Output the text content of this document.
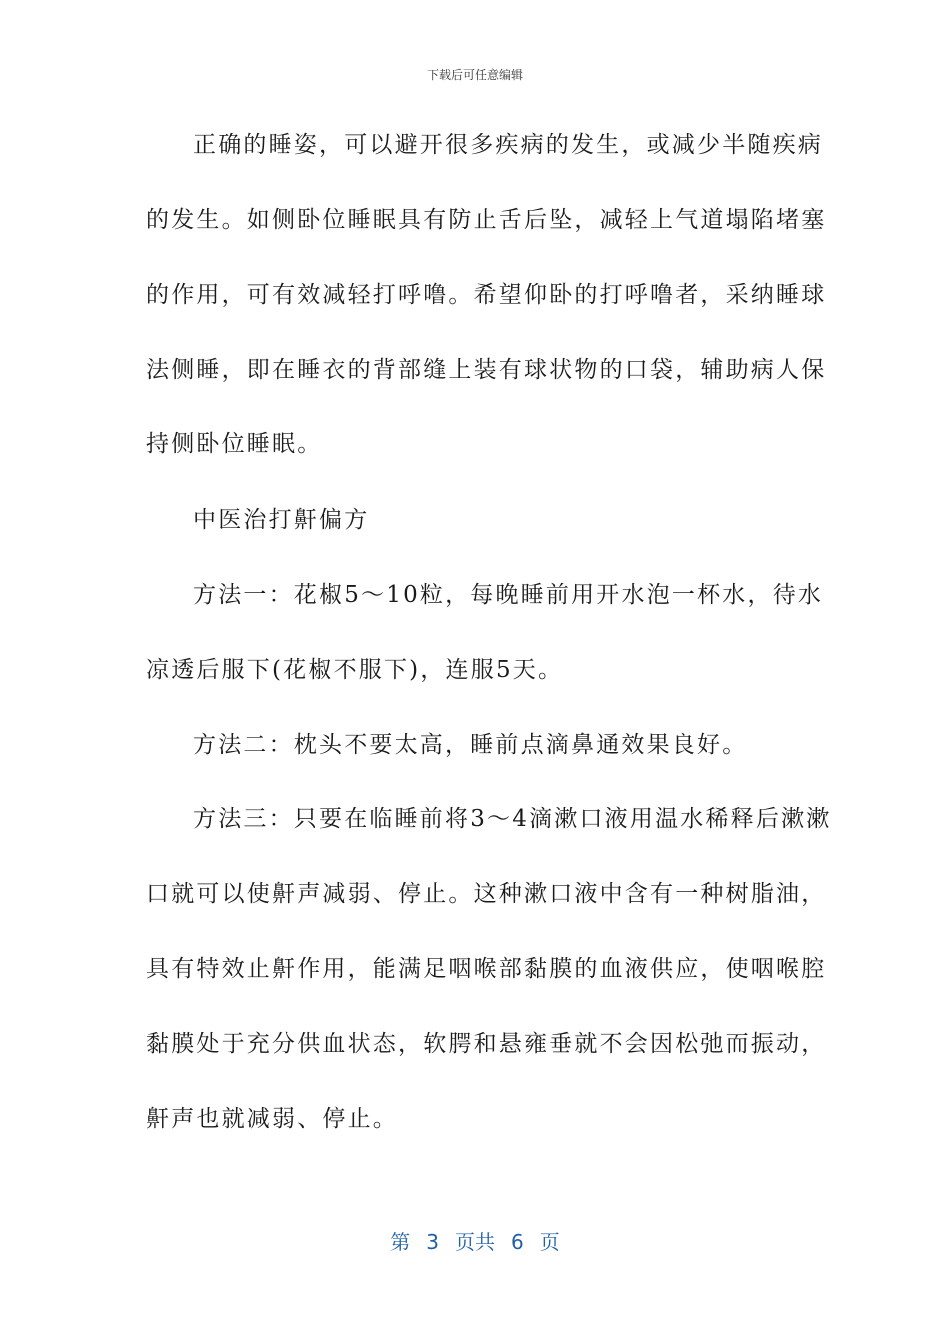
下载后可任意编辑
正确的睡姿，可以避开很多疾病的发生，或减少半随疾病
的发生。如侧卧位睡眠具有防止舌后坠，减轻上气道塌陷堵塞
的作用，可有效减轻打呼噜。希望仰卧的打呼噜者，采纳睡球
法侧睡，即在睡衣的背部缝上装有球状物的口袋，辅助病人保
持侧卧位睡眠。
中医治打鼾偏方
方法一：花椒5～10粒，每晚睡前用开水泡一杯水，待水
凉透后服下(花椒不服下)，连服5天。
方法二：枕头不要太高，睡前点滴鼻通效果良好。
方法三：只要在临睡前将3～4滴漱口液用温水稀释后漱漱
口就可以使鼾声减弱、停止。这种漱口液中含有一种树脂油，
具有特效止鼾作用，能满足咽喉部黏膜的血液供应，使咽喉腔
黏膜处于充分供血状态，软腭和悬雍垂就不会因松弛而振动，
鼾声也就减弱、停止。
第 3 页共 6 页
